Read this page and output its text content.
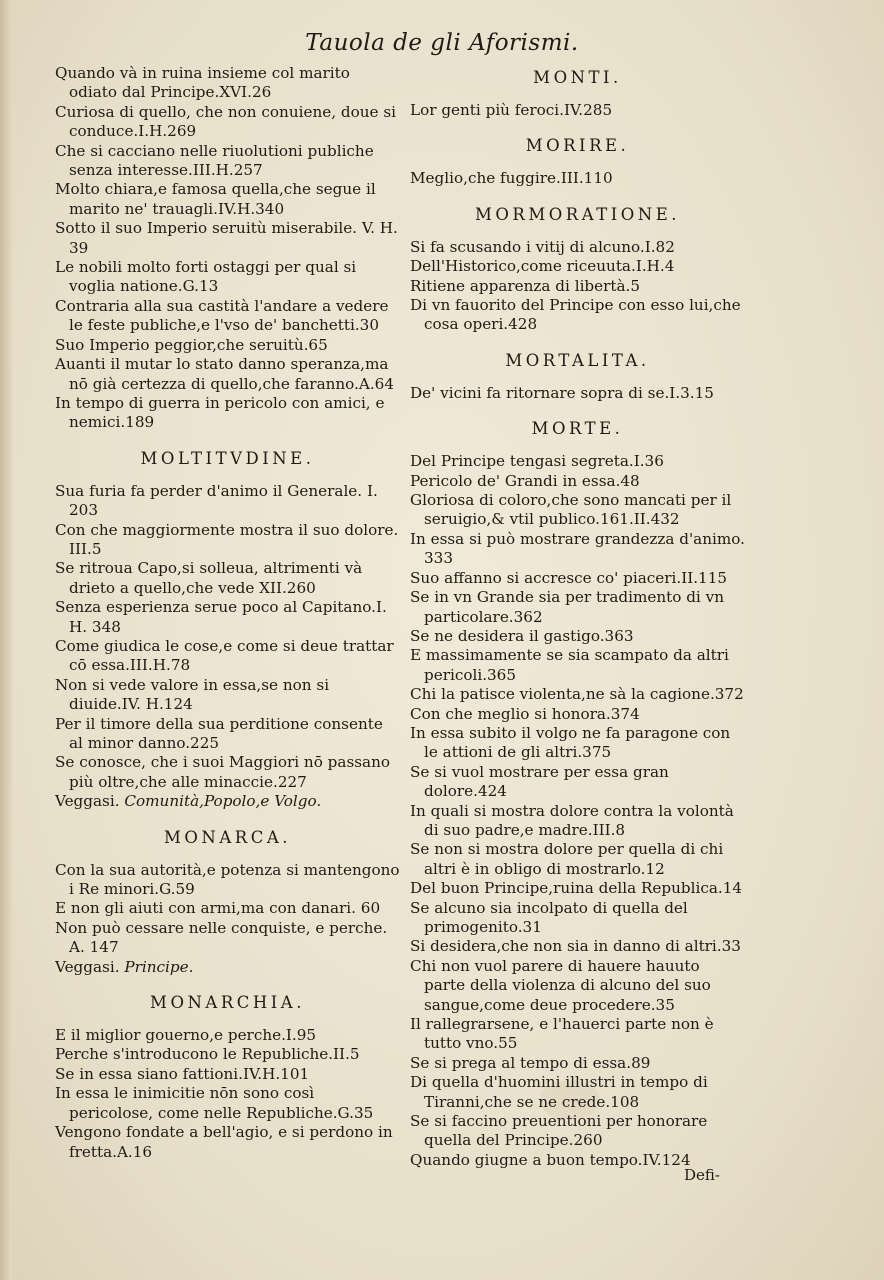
Tauola de gli Aforismi.
Quando và in ruina insieme col marito odiato dal Principe.XVI.26
Curiosa di quello, che non conuiene, doue si conduce.I.H.269
Che si cacciano nelle riuolutioni publiche senza interesse.III.H.257
Molto chiara,e famosa quella,che segue il marito ne' trauagli.IV.H.340
Sotto il suo Imperio seruitù miserabile. V. H. 39
Le nobili molto forti ostaggi per qual si voglia natione.G.13
Contraria alla sua castità l'andare a vedere le feste publiche,e l'vso de' banchetti.30
Suo Imperio peggior,che seruitù.65
Auanti il mutar lo stato danno speranza,ma nō già certezza di quello,che faranno.A.64
In tempo di guerra in pericolo con amici, e nemici.189
MOLTITVDINE.
Sua furia fa perder d'animo il Generale. I. 203
Con che maggiormente mostra il suo dolore. III.5
Se ritroua Capo,si solleua, altrimenti và drieto a quello,che vede XII.260
Senza esperienza serue poco al Capitano.I. H. 348
Come giudica le cose,e come si deue trattar cō essa.III.H.78
Non si vede valore in essa,se non si diuide.IV. H.124
Per il timore della sua perditione consente al minor danno.225
Se conosce, che i suoi Maggiori nō passano più oltre,che alle minaccie.227
Veggasi. Comunità,Popolo,e Volgo.
MONARCA.
Con la sua autorità,e potenza si mantengono i Re minori.G.59
E non gli aiuti con armi,ma con danari. 60
Non può cessare nelle conquiste, e perche. A. 147
Veggasi. Principe.
MONARCHIA.
E il miglior gouerno,e perche.I.95
Perche s'introducono le Republiche.II.5
Se in essa siano fattioni.IV.H.101
In essa le inimicitie nōn sono così pericolose, come nelle Republiche.G.35
Vengono fondate a bell'agio, e si perdono in fretta.A.16
MONTI.
Lor genti più feroci.IV.285
MORIRE.
Meglio,che fuggire.III.110
MORMORATIONE.
Si fa scusando i vitij di alcuno.I.82
Dell'Historico,come riceuuta.I.H.4
Ritiene apparenza di libertà.5
Di vn fauorito del Principe con esso lui,che cosa operi.428
MORTALITA.
De' vicini fa ritornare sopra di se.I.3.15
MORTE.
Del Principe tengasi segreta.I.36
Pericolo de' Grandi in essa.48
Gloriosa di coloro,che sono mancati per il seruigio,& vtil publico.161.II.432
In essa si può mostrare grandezza d'animo. 333
Suo affanno si accresce co' piaceri.II.115
Se in vn Grande sia per tradimento di vn particolare.362
Se ne desidera il gastigo.363
E massimamente se sia scampato da altri pericoli.365
Chi la patisce violenta,ne sà la cagione.372
Con che meglio si honora.374
In essa subito il volgo ne fa paragone con le attioni de gli altri.375
Se si vuol mostrare per essa gran dolore.424
In quali si mostra dolore contra la volontà di suo padre,e madre.III.8
Se non si mostra dolore per quella di chi altri è in obligo di mostrarlo.12
Del buon Principe,ruina della Republica.14
Se alcuno sia incolpato di quella del primogenito.31
Si desidera,che non sia in danno di altri.33
Chi non vuol parere di hauere hauuto parte della violenza di alcuno del suo sangue,come deue procedere.35
Il rallegrarsene, e l'hauerci parte non è tutto vno.55
Se si prega al tempo di essa.89
Di quella d'huomini illustri in tempo di Tiranni,che se ne crede.108
Se si faccino preuentioni per honorare quella del Principe.260
Quando giugne a buon tempo.IV.124
Defi-
